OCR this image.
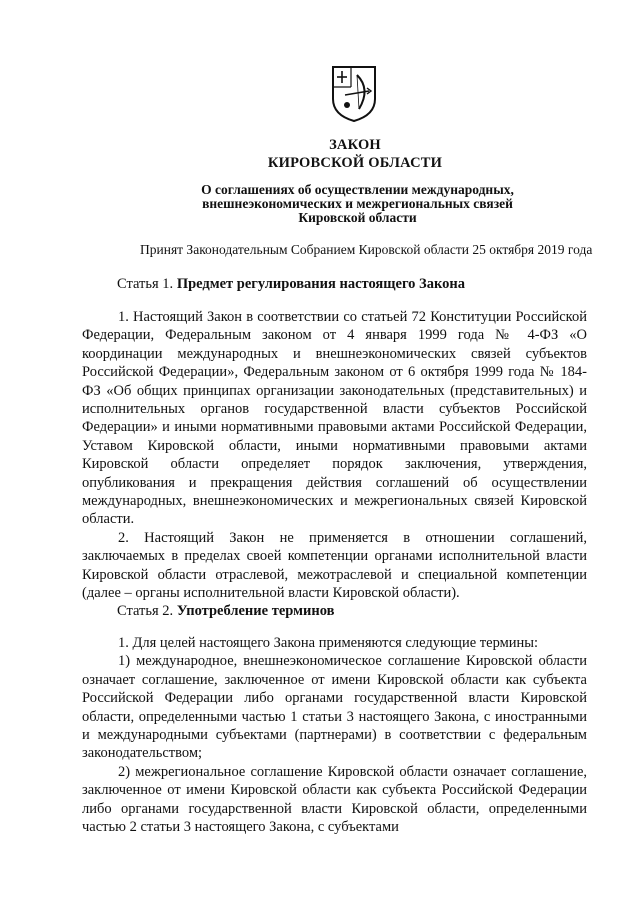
ЗАКОН
КИРОВСКОЙ ОБЛАСТИ
О соглашениях об осуществлении международных,
внешнеэкономических и межрегиональных связей
Кировской области
Принят Законодательным Собранием Кировской области 25 октября 2019 года
Статья 1. Предмет регулирования настоящего Закона

1. Настоящий Закон в соответствии со статьей 72 Конституции Российской Федерации, Федеральным законом от 4 января 1999 года № 4-ФЗ «О координации международных и внешнеэкономических связей субъектов Российской Федерации», Федеральным законом от 6 октября 1999 года № 184-ФЗ «Об общих принципах организации законодательных (представительных) и исполнительных органов государственной власти субъектов Российской Федерации» и иными нормативными правовыми актами Российской Федерации, Уставом Кировской области, иными нормативными правовыми актами Кировской области определяет порядок заключения, утверждения, опубликования и прекращения действия соглашений об осуществлении международных, внешнеэкономических и межрегиональных связей Кировской области.

2. Настоящий Закон не применяется в отношении соглашений, заключаемых в пределах своей компетенции органами исполнительной власти Кировской области отраслевой, межотраслевой и специальной компетенции (далее – органы исполнительной власти Кировской области).

Статья 2. Употребление терминов

1. Для целей настоящего Закона применяются следующие термины:

1) международное, внешнеэкономическое соглашение Кировской области означает соглашение, заключенное от имени Кировской области как субъекта Российской Федерации либо органами государственной власти Кировской области, определенными частью 1 статьи 3 настоящего Закона, с иностранными и международными субъектами (партнерами) в соответствии с федеральным законодательством;

2) межрегиональное соглашение Кировской области означает соглашение, заключенное от имени Кировской области как субъекта Российской Федерации либо органами государственной власти Кировской области, определенными частью 2 статьи 3 настоящего Закона, с субъектами
